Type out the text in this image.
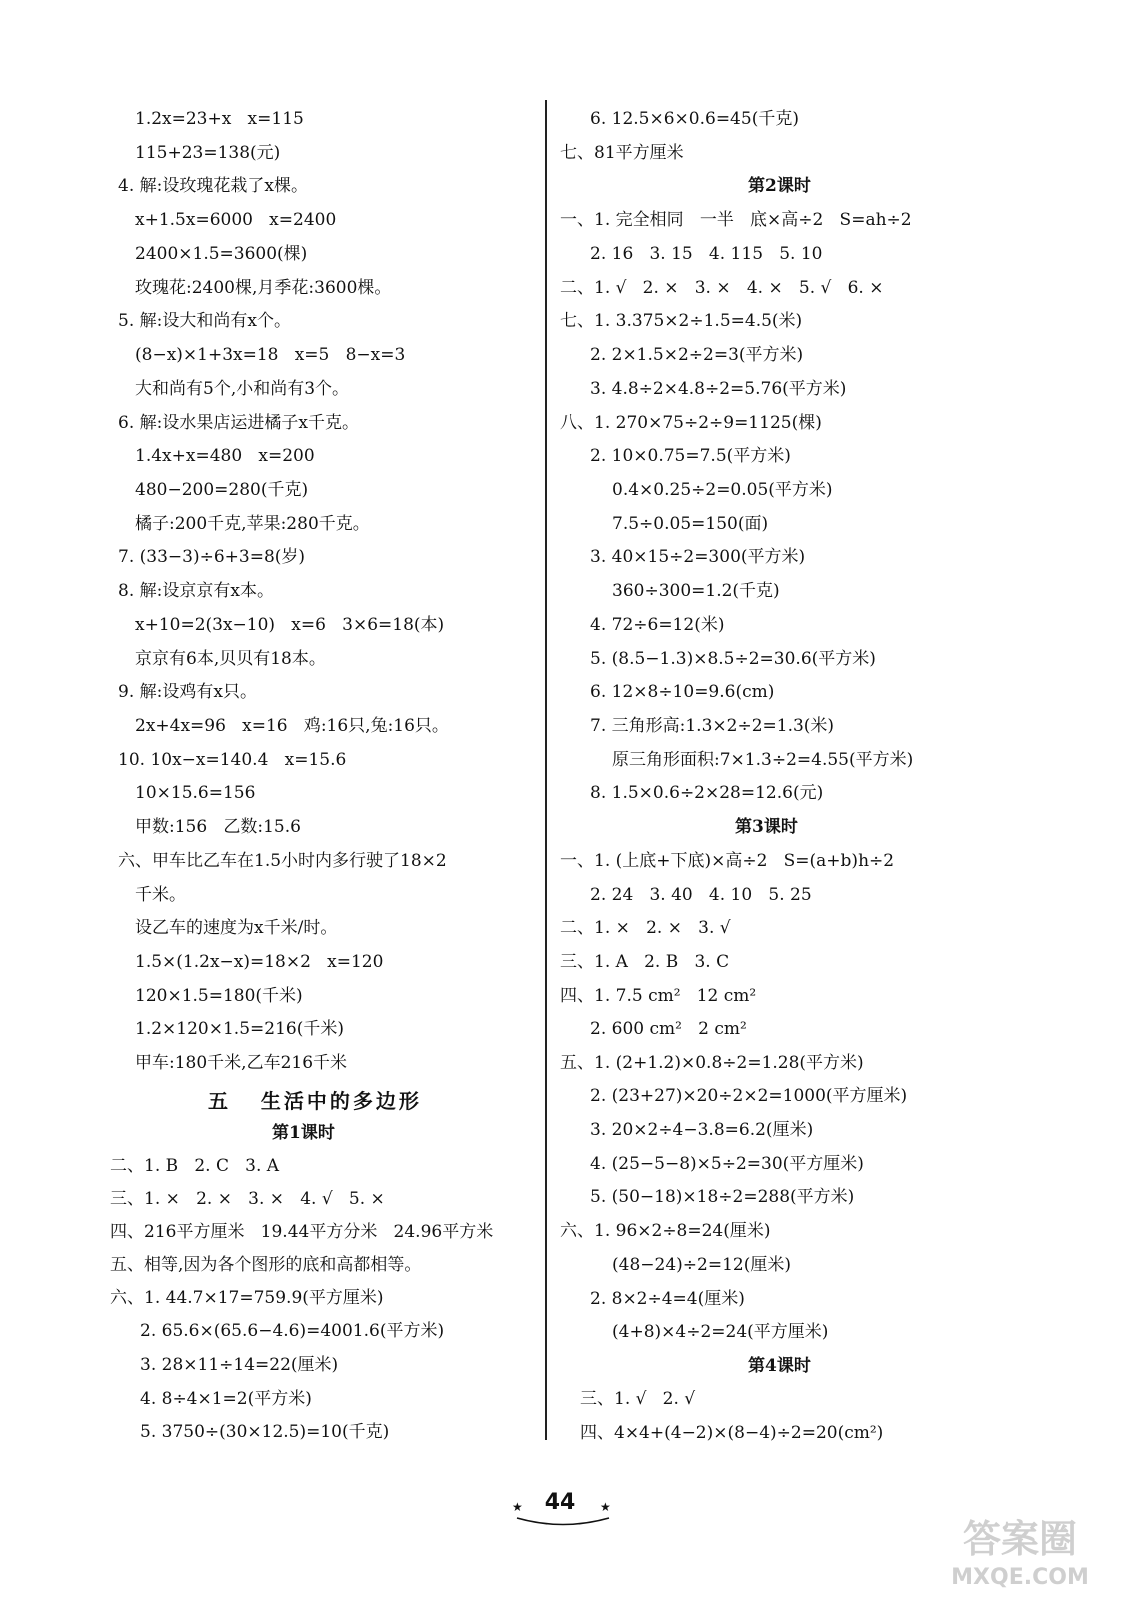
1.2x=23+x   x=115
115+23=138(元)
4. 解:设玫瑰花栽了x棵。
x+1.5x=6000   x=2400
2400×1.5=3600(棵)
玫瑰花:2400棵,月季花:3600棵。
5. 解:设大和尚有x个。
(8−x)×1+3x=18   x=5   8−x=3
大和尚有5个,小和尚有3个。
6. 解:设水果店运进橘子x千克。
1.4x+x=480   x=200
480−200=280(千克)
橘子:200千克,苹果:280千克。
7. (33−3)÷6+3=8(岁)
8. 解:设京京有x本。
x+10=2(3x−10)   x=6   3×6=18(本)
京京有6本,贝贝有18本。
9. 解:设鸡有x只。
2x+4x=96   x=16   鸡:16只,兔:16只。
10. 10x−x=140.4   x=15.6
10×15.6=156
甲数:156   乙数:15.6
六、甲车比乙车在1.5小时内多行驶了18×2
千米。
设乙车的速度为x千米/时。
1.5×(1.2x−x)=18×2   x=120
120×1.5=180(千米)
1.2×120×1.5=216(千米)
甲车:180千米,乙车216千米
五   生活中的多边形
第1课时
二、1. B   2. C   3. A
三、1. ×   2. ×   3. ×   4. √   5. ×
四、216平方厘米   19.44平方分米   24.96平方米
五、相等,因为各个图形的底和高都相等。
六、1. 44.7×17=759.9(平方厘米)
2. 65.6×(65.6−4.6)=4001.6(平方米)
3. 28×11÷14=22(厘米)
4. 8÷4×1=2(平方米)
5. 3750÷(30×12.5)=10(千克)
6. 12.5×6×0.6=45(千克)
七、81平方厘米
第2课时
一、1. 完全相同   一半   底×高÷2   S=ah÷2
2. 16   3. 15   4. 115   5. 10
二、1. √   2. ×   3. ×   4. ×   5. √   6. ×
七、1. 3.375×2÷1.5=4.5(米)
2. 2×1.5×2÷2=3(平方米)
3. 4.8÷2×4.8÷2=5.76(平方米)
八、1. 270×75÷2÷9=1125(棵)
2. 10×0.75=7.5(平方米)
0.4×0.25÷2=0.05(平方米)
7.5÷0.05=150(面)
3. 40×15÷2=300(平方米)
360÷300=1.2(千克)
4. 72÷6=12(米)
5. (8.5−1.3)×8.5÷2=30.6(平方米)
6. 12×8÷10=9.6(cm)
7. 三角形高:1.3×2÷2=1.3(米)
原三角形面积:7×1.3÷2=4.55(平方米)
8. 1.5×0.6÷2×28=12.6(元)
第3课时
一、1. (上底+下底)×高÷2   S=(a+b)h÷2
2. 24   3. 40   4. 10   5. 25
二、1. ×   2. ×   3. √
三、1. A   2. B   3. C
四、1. 7.5 cm²   12 cm²
2. 600 cm²   2 cm²
五、1. (2+1.2)×0.8÷2=1.28(平方米)
2. (23+27)×20÷2×2=1000(平方厘米)
3. 20×2÷4−3.8=6.2(厘米)
4. (25−5−8)×5÷2=30(平方厘米)
5. (50−18)×18÷2=288(平方米)
六、1. 96×2÷8=24(厘米)
(48−24)÷2=12(厘米)
2. 8×2÷4=4(厘米)
(4+8)×4÷2=24(平方厘米)
第4课时
三、1. √   2. √
四、4×4+(4−2)×(8−4)÷2=20(cm²)
★ 44	★
答案圈
MXQE.COM
